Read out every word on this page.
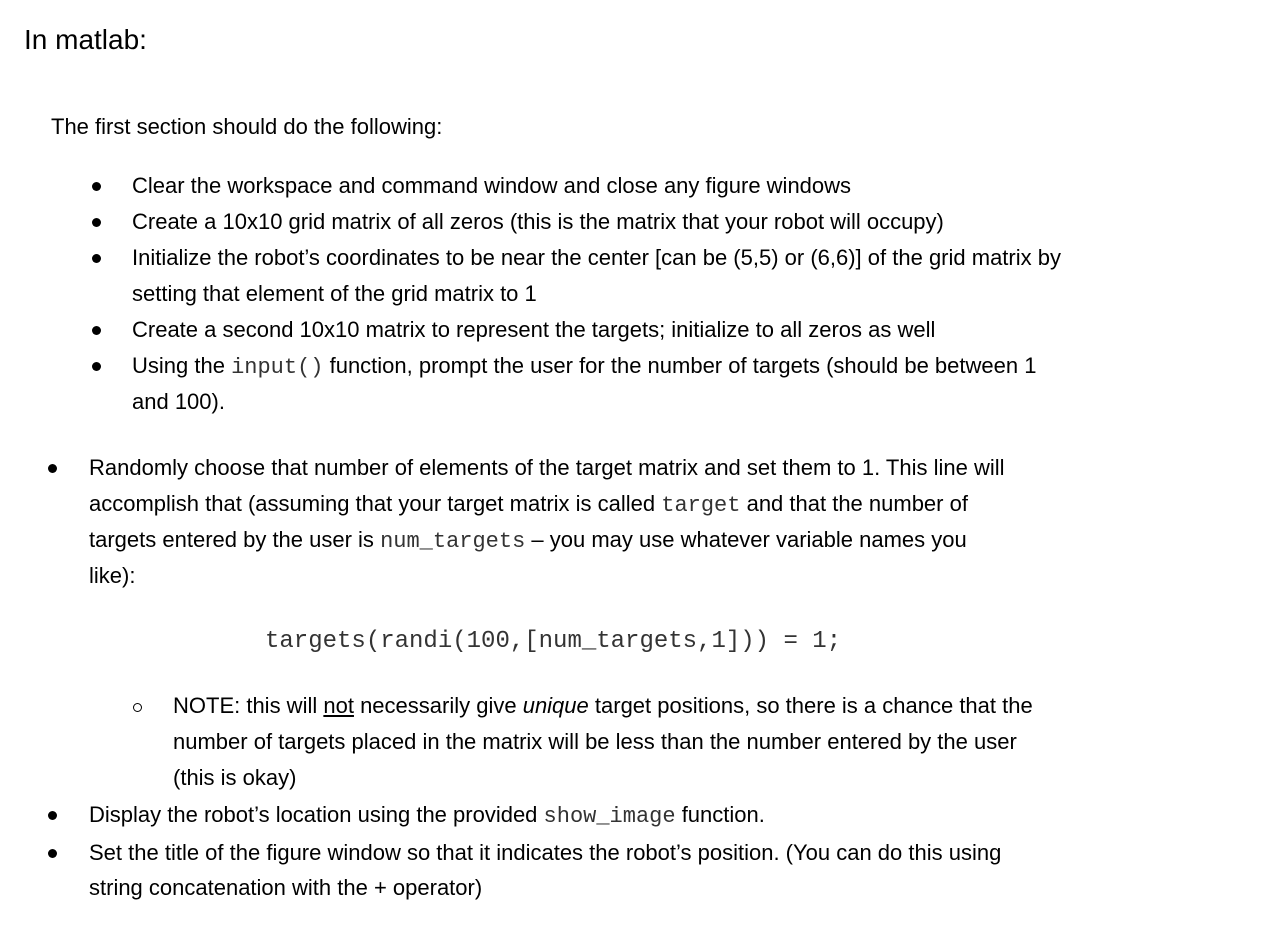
In matlab:
The first section should do the following:
Clear the workspace and command window and close any figure windows
Create a 10x10 grid matrix of all zeros (this is the matrix that your robot will occupy)
Initialize the robot’s coordinates to be near the center [can be (5,5) or (6,6)] of the grid matrix by
setting that element of the grid matrix to 1
Create a second 10x10 matrix to represent the targets; initialize to all zeros as well
Using the input() function, prompt the user for the number of targets (should be between 1
and 100).
Randomly choose that number of elements of the target matrix and set them to 1. This line will
accomplish that (assuming that your target matrix is called target and that the number of
targets entered by the user is num_targets – you may use whatever variable names you
like):
targets(randi(100,[num_targets,1])) = 1;
NOTE: this will not necessarily give unique target positions, so there is a chance that the
number of targets placed in the matrix will be less than the number entered by the user
(this is okay)
Display the robot’s location using the provided show_image function.
Set the title of the figure window so that it indicates the robot’s position. (You can do this using
string concatenation with the + operator)
